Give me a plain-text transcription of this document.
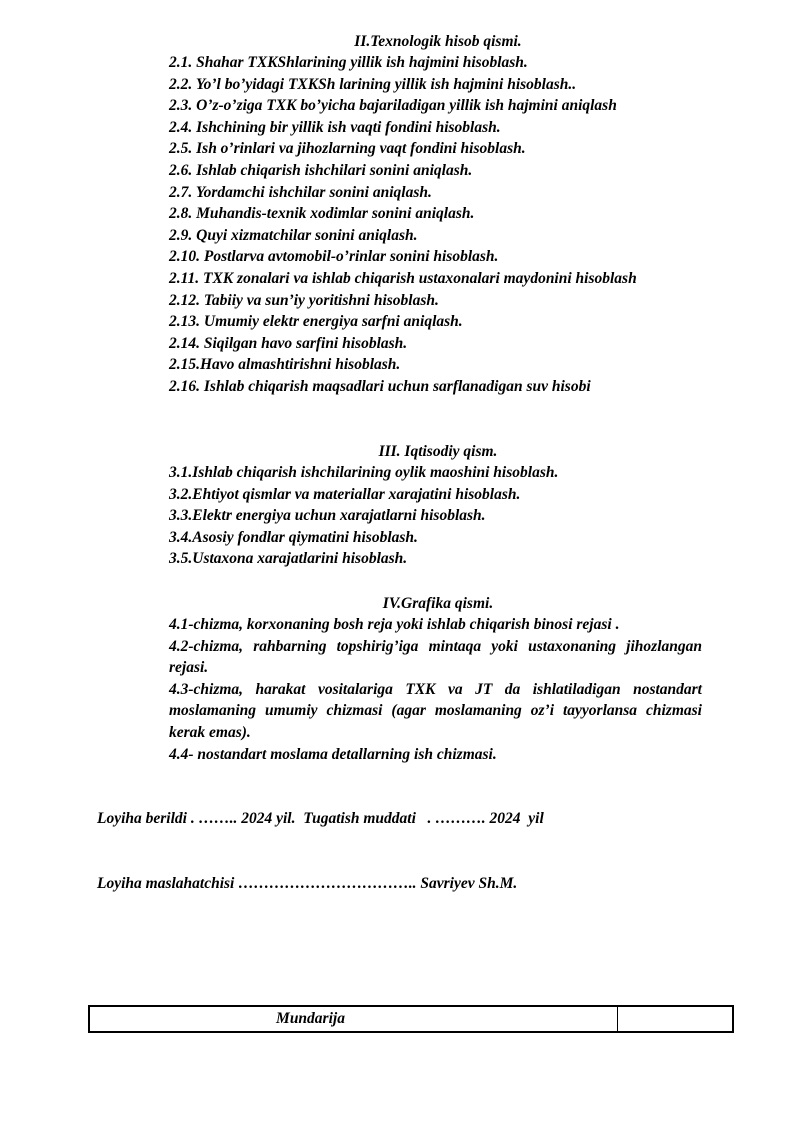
II.Texnologik hisob qismi.
2.1. Shahar TXKShlarining yillik ish hajmini hisoblash.
2.2. Yo’l bo’yidagi TXKSh larining yillik ish hajmini hisoblash..
2.3. O’z-o’ziga TXK bo’yicha bajariladigan yillik ish hajmini aniqlash
2.4. Ishchining bir yillik ish vaqti fondini hisoblash.
2.5. Ish o’rinlari va jihozlarning vaqt fondini hisoblash.
2.6. Ishlab chiqarish ishchilari sonini aniqlash.
2.7. Yordamchi ishchilar sonini aniqlash.
2.8. Muhandis-texnik xodimlar sonini aniqlash.
2.9. Quyi xizmatchilar sonini aniqlash.
2.10. Postlarva avtomobil-o’rinlar sonini hisoblash.
2.11. TXK zonalari va ishlab chiqarish ustaxonalari maydonini hisoblash
2.12. Tabiiy va sun’iy yoritishni hisoblash.
2.13. Umumiy elektr energiya sarfni aniqlash.
2.14. Siqilgan havo sarfini hisoblash.
2.15.Havo almashtirishni hisoblash.
2.16. Ishlab chiqarish maqsadlari uchun sarflanadigan suv hisobi
III. Iqtisodiy qism.
3.1.Ishlab chiqarish ishchilarining oylik maoshini hisoblash.
3.2.Ehtiyot qismlar va materiallar xarajatini hisoblash.
3.3.Elektr energiya uchun xarajatlarni hisoblash.
3.4.Asosiy fondlar qiymatini hisoblash.
3.5.Ustaxona xarajatlarini hisoblash.
IV.Grafika qismi.
4.1-chizma, korxonaning bosh reja yoki ishlab chiqarish binosi rejasi .
4.2-chizma, rahbarning topshirig’iga mintaqa yoki ustaxonaning jihozlangan rejasi.
4.3-chizma, harakat vositalariga TXK va JT da ishlatiladigan nostandart moslamaning umumiy chizmasi (agar moslamaning oz’i tayyorlansa chizmasi kerak emas).
4.4- nostandart moslama detallarning ish chizmasi.
Loyiha berildi . …….. 2024 yil.  Tugatish muddati   . ………. 2024  yil
Loyiha maslahatchisi …………………………….. Savriyev Sh.M.
Mundarija
